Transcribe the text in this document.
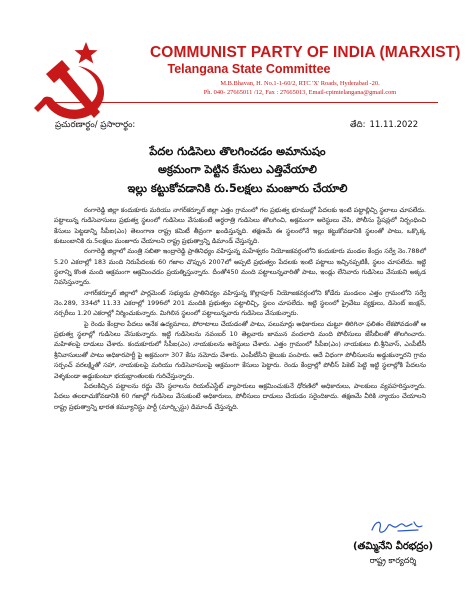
COMMUNIST PARTY OF INDIA (MARXIST)
Telangana State Committee
M.B.Bhavan, H. No.1-1-60/2, RTC 'X' Roads, Hyderabad -20.
Ph. 040- 27665011 /12, Fax : 27665013, Email-cpimtelangana@gmail.com
ప్రచురణార్థం/ ప్రసారార్థం:	తేది: 11.11.2022
పేదల గుడిసెలు తొలగించడం అమానుషం
అక్రమంగా పెట్టిన కేసులు ఎత్తివేయాలి
ఇల్లు కట్టుకోవడానికి రు.5లక్షలు మంజూరు చేయాలి

రంగారెడ్డి జిల్లా కందుకూరు మరియు నాగర్‌కర్నూల్ జిల్లా ఎత్తం గ్రామంలో గల ప్రభుత్వ భూముల్లో పేదలకు ఇంటి పట్టాల్లిచ్చి స్థలాలు చూపలేదు. పట్టాలున్న గుడిసెవాసులు ప్రభుత్వ స్థలంలో గుడిసెలు వేసుకుంటే అర్ధరాత్రి గుడిసెలు తొలగించి, అక్రమంగా అరెస్టులు చేసి, పోలీసు స్టేషన్లలో నిర్బంధించి కేసులు పెట్టడాన్ని సీపీఐ(ఎం) తెలంగాణ రాష్ట్ర కమిటీ తీవ్రంగా ఖండిస్తున్నది. తక్షణమే ఈ స్థలంలోనే ఇల్లు కట్టుకోవడానికి స్థలంతో పాటు, ఒక్కొక్క కుటుంబానికి రు.5లక్షలు మంజూరు చేయాలని రాష్ట్ర ప్రభుత్వాన్ని డిమాండ్ చేస్తున్నది.

రంగారెడ్డి జిల్లాలో మంత్రి సబితా ఇంద్రారెడ్డి ప్రాతినిధ్యం వహిస్తున్న మహేశ్వరం నియోజకవర్గంలోని కందుకూరు మండల కేంద్రం సర్వే నెం.788లో 5.20 ఎకరాల్లో 183 మంది నిరుపేదలకు 60 గజాల చొప్పున 2007లో అప్పటి ప్రభుత్వం పేదలకు ఇంటి పట్టాలు ఇచ్చినప్పటికీ, స్థలం చూపలేదు. ఇట్టి స్థలాన్ని కొంత మంది అక్రమంగా ఆక్రమించడం ప్రయత్నిస్తున్నారు. దీంతో450 మంది పట్టాలున్నవారితో పాటు, ఇండ్లు లేనివారు గుడిసెలు వేసుకుని అక్కడ నివసిస్తున్నారు.

నాగర్‌కర్నూల్ జిల్లాలో పార్లమెంట్ సభ్యుడు ప్రాతినిధ్యం వహిస్తున్న కొల్లాపూర్ నియోజకవర్గంలోని కోడేరు మండలం ఎత్తం గ్రామంలోని సర్వే నెం.289, 334లో 11.33 ఎకరాల్లో 1996లో 201 మందికి ప్రభుత్వం పట్టాలిచ్చి, స్థలం చూపలేదు. ఇట్టి స్థలంలో ప్రైవేటు వ్యక్తులు, డిసెంట్ జంక్షన్, నర్సరీలు 1.20 ఎకరాల్లో నిర్మించుకున్నారు. మిగిలిన స్థలంలో పట్టాలున్నవారు గుడిసెలు వేసుకున్నారు.

పై రెండు కేంద్రాల పేదలు అనేక ఉద్యమాలు, పోరాటాలు చేయడంతో పాటు, పలుమార్లు అధికారులు చుట్టూ తిరిగినా ఫలితం లేకపోవడంతో ఆ ప్రభుత్వ స్థలాల్లో గుడిసెలు వేసుకున్నారు. ఇట్టి గుడిసెలను నవంబర్ 10 తెల్లవారు జామున వందలాది మంది పోలీసులు జేసీబీలతో తొలగించారు. మహిళలపై దాడులు చేశారు. కందుకూరులో సీపీఐ(ఎం) నాయకులను అరెస్టులు చేశారు. ఎత్తం గ్రామంలో సీపీఐ(ఎం) నాయకులు బి.శ్రీనివాస్, ఎంపీటీసీ శ్రీనివాసులుతో పాటు అధికారపార్టీ పై అక్రమంగా 307 కేసు నమోదు చేశారు. ఎంపీటీసీని జైలుకు పంపారు. అదే విధంగా పోలీసులను అడ్డుకున్నారని గ్రామ సర్పంచ్ వరలక్ష్మితో సహా, నాయకులపై మరియు గుడిసెవాసులపై అక్రమంగా కేసులు పెట్టారు. రెండు కేంద్రాల్లో పోలీస్ పికెట్ పెట్టి ఇట్టి స్థలాల్లోకి పేదలను వెళ్ళకుండా అడ్డుకుంటూ భయభ్రాంతులకు గురిచేస్తున్నారు.

పేదలకిచ్చిన పట్టాలను రద్దు చేసి స్థలాలను రియల్‌ఎస్టేట్ వ్యాపారులు ఆక్రమించుకునే ధోరణిలో అధికారులు, పాలకులు వ్యవహరిస్తున్నారు. పేదలు తలదాచుకోవడానికి 60 గజాల్లో గుడిసెలు వేసుకుంటే అధికారులు, పోలీసులు దాడులు చేయడం సరైందికాదు. తక్షణమే వీరికి న్యాయం చేయాలని రాష్ట్ర ప్రభుత్వాన్ని భారత కమ్యూనిస్టు పార్టీ (మార్క్సిస్టు) డిమాండ్ చేస్తున్నది.

(తమ్మినేని వీరభద్రం)
రాష్ట్ర కార్యదర్శి
